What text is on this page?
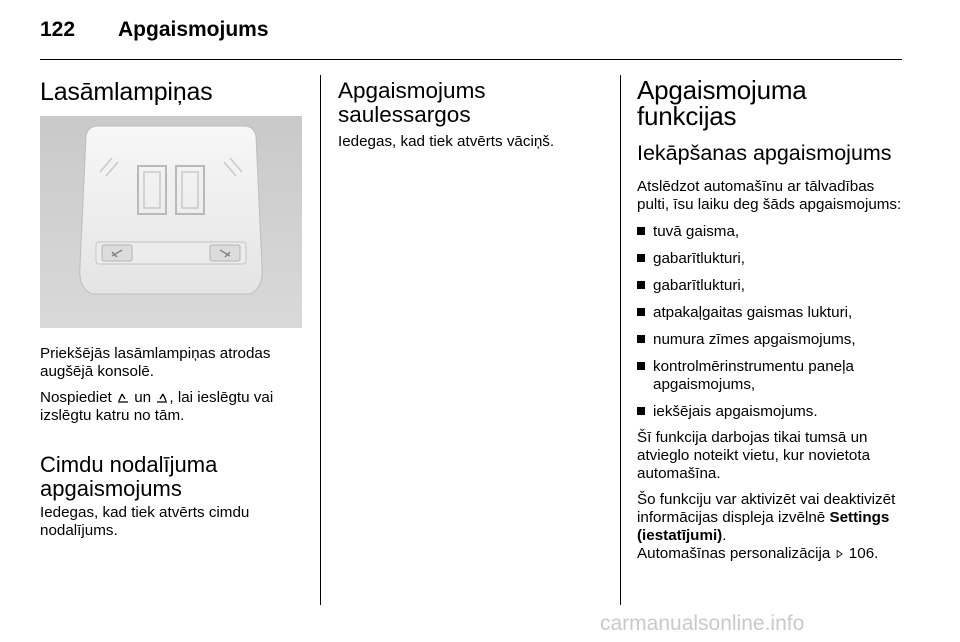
122 Apgaismojums
Lasāmlampiņas

Priekšējās lasāmlampiņas atrodas augšējā konsolē.

Nospiediet un , lai ieslēgtu vai izslēgtu katru no tām.

Cimdu nodalījuma
apgaismojums

Iedegas, kad tiek atvērts cimdu nodalījums.

Apgaismojums
saulessargos

Iedegas, kad tiek atvērts vāciņš.

Apgaismojuma
funkcijas
Iekāpšanas apgaismojums

Atslēdzot automašīnu ar tālvadības pulti, īsu laiku deg šāds apgaismojums:

tuvā gaisma,
gabarītlukturi,
gabarītlukturi,
atpakaļgaitas gaismas lukturi,
numura zīmes apgaismojums,
kontrolmērinstrumentu paneļa apgaismojums,
iekšējais apgaismojums.

Šī funkcija darbojas tikai tumsā un atvieglo noteikt vietu, kur novietota automašīna.

Šo funkciju var aktivizēt vai deaktivizēt informācijas displeja izvēlnē Settings (iestatījumi).
Automašīnas personalizācija 106.

carmanualsonline.info
